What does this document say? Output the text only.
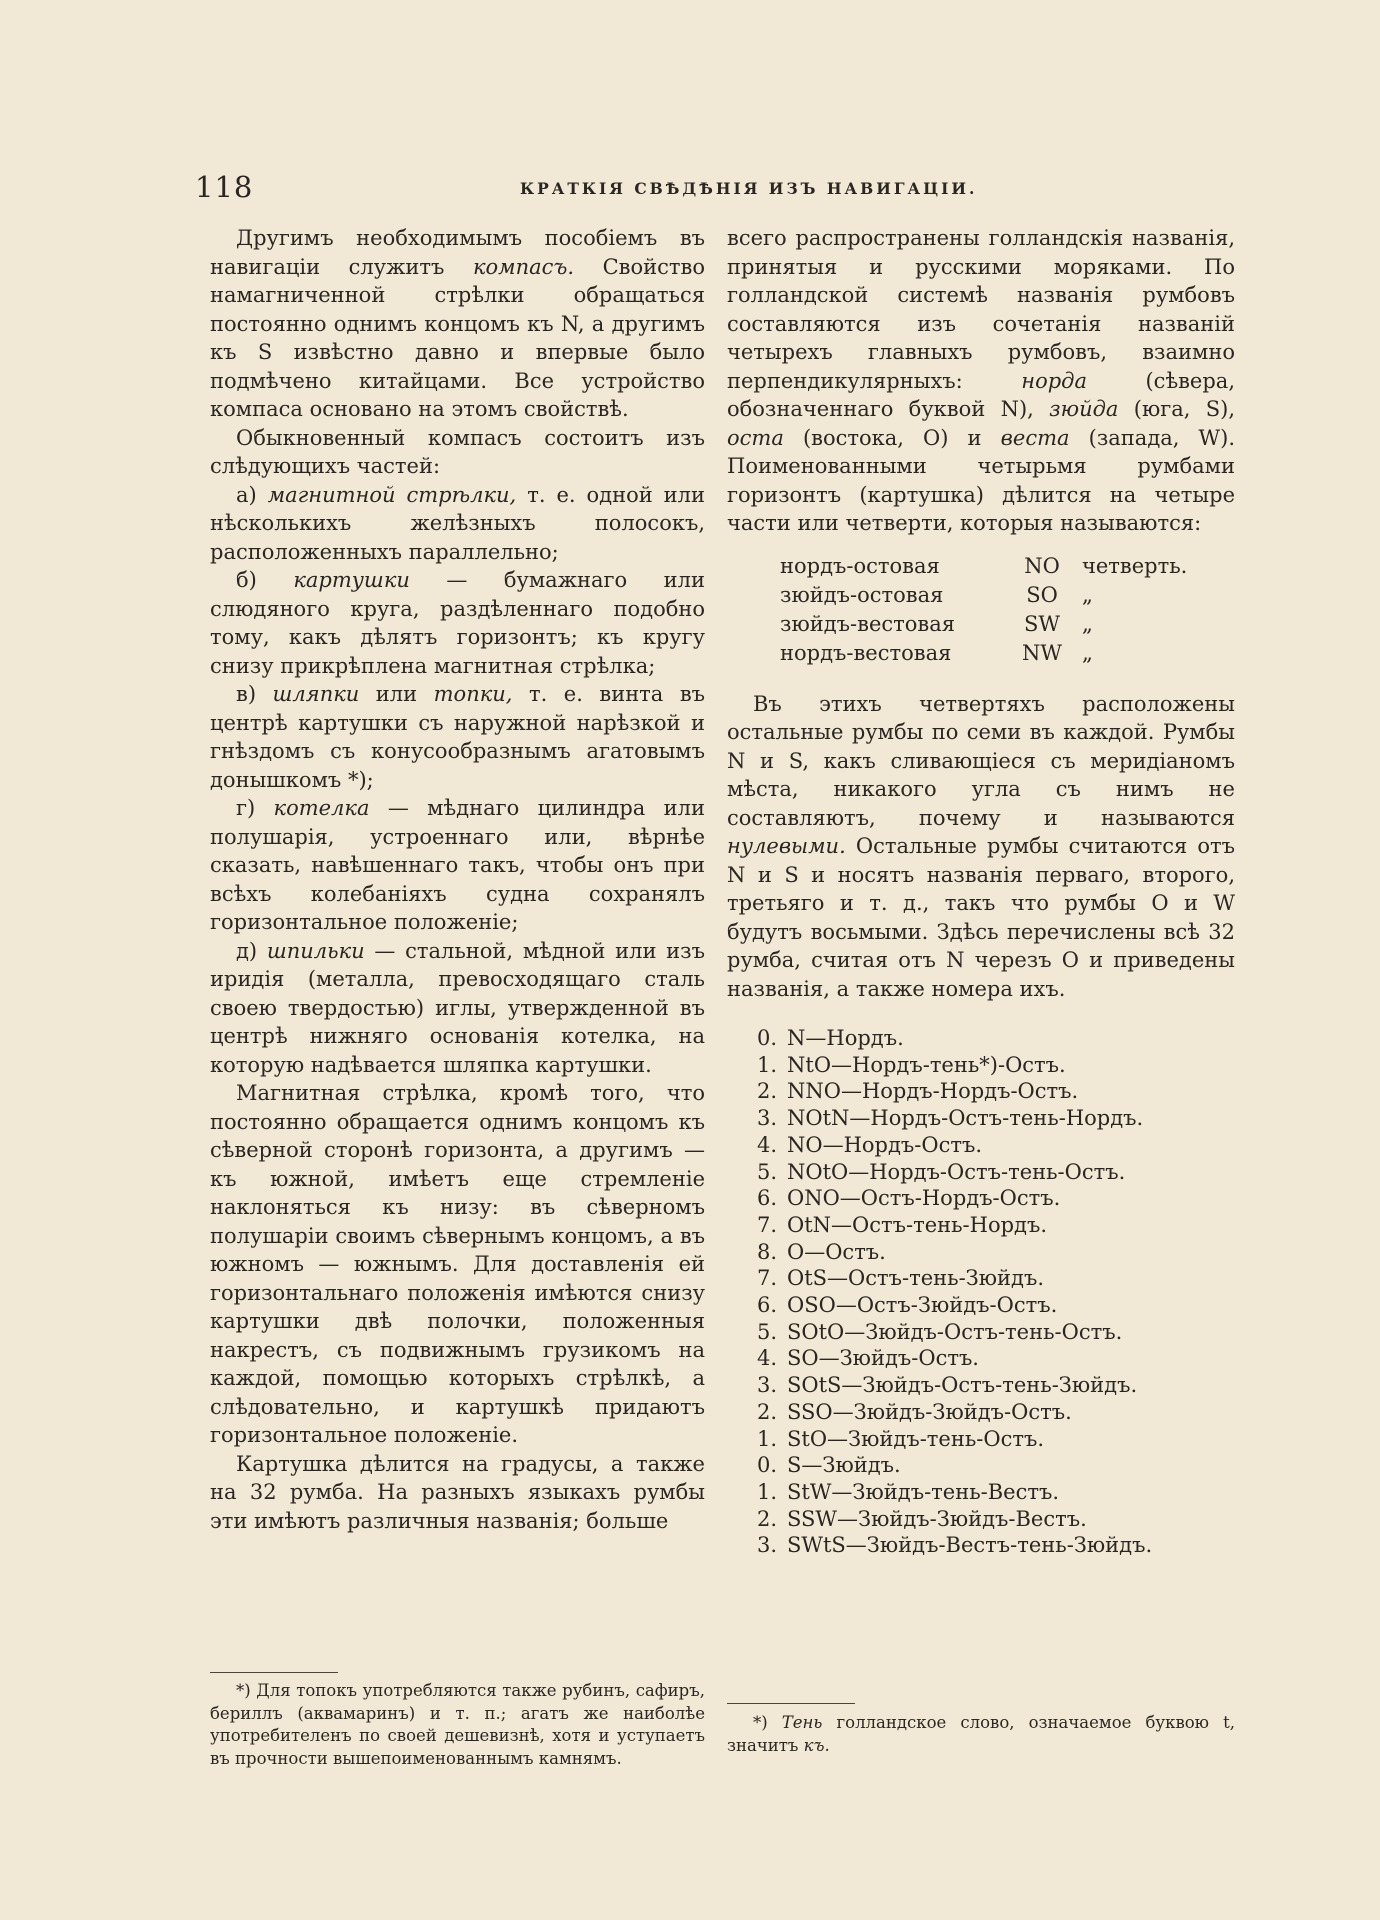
118	КРАТКІЯ СВѢДѢНІЯ ИЗЪ НАВИГАЦІИ.

Другимъ необходимымъ пособіемъ въ навигаціи служитъ компасъ. Свойство намагниченной стрѣлки обращаться постоянно однимъ концомъ къ N, а другимъ къ S извѣстно давно и впервые было подмѣчено китайцами. Все устройство компаса основано на этомъ свойствѣ.

Обыкновенный компасъ состоитъ изъ слѣдующихъ частей:

а) магнитной стрѣлки, т. е. одной или нѣсколькихъ желѣзныхъ полосокъ, расположенныхъ параллельно;

б) картушки — бумажнаго или слюдяного круга, раздѣленнаго подобно тому, какъ дѣлятъ горизонтъ; къ кругу снизу прикрѣплена магнитная стрѣлка;

в) шляпки или топки, т. е. винта въ центрѣ картушки съ наружной нарѣзкой и гнѣздомъ съ конусообразнымъ агатовымъ донышкомъ *);

г) котелка — мѣднаго цилиндра или полушарія, устроеннаго или, вѣрнѣе сказать, навѣшеннаго такъ, чтобы онъ при всѣхъ колебаніяхъ судна сохранялъ горизонтальное положеніе;

д) шпильки — стальной, мѣдной или изъ иридія (металла, превосходящаго сталь своею твердостью) иглы, утвержденной въ центрѣ нижняго основанія котелка, на которую надѣвается шляпка картушки.

Магнитная стрѣлка, кромѣ того, что постоянно обращается однимъ концомъ къ сѣверной сторонѣ горизонта, а другимъ — къ южной, имѣетъ еще стремленіе наклоняться къ низу: въ сѣверномъ полушаріи своимъ сѣвернымъ концомъ, а въ южномъ — южнымъ. Для доставленія ей горизонтальнаго положенія имѣются снизу картушки двѣ полочки, положенныя накрестъ, съ подвижнымъ грузикомъ на каждой, помощью которыхъ стрѣлкѣ, а слѣдовательно, и картушкѣ придаютъ горизонтальное положеніе.

Картушка дѣлится на градусы, а также на 32 румба. На разныхъ языкахъ румбы эти имѣютъ различныя названія; больше

*) Для топокъ употребляются также рубинъ, сафиръ, бериллъ (аквамаринъ) и т. п.; агатъ же наиболѣе употребителенъ по своей дешевизнѣ, хотя и уступаетъ въ прочности вышепоименованнымъ камнямъ.

всего распространены голландскія названія, принятыя и русскими моряками. По голландской системѣ названія румбовъ составляются изъ сочетанія названій четырехъ главныхъ румбовъ, взаимно перпендикулярныхъ: норда (сѣвера, обозначеннаго буквой N), зюйда (юга, S), оста (востока, O) и веста (запада, W). Поименованными четырьмя румбами горизонтъ (картушка) дѣлится на четыре части или четверти, которыя называются:

нордъ-остовая	NO	четверть.
зюйдъ-остовая	SO	„
зюйдъ-вестовая	SW	„
нордъ-вестовая	NW	„

Въ этихъ четвертяхъ расположены остальные румбы по семи въ каждой. Румбы N и S, какъ сливающіеся съ меридіаномъ мѣста, никакого угла съ нимъ не составляютъ, почему и называются нулевыми. Остальные румбы считаются отъ N и S и носятъ названія перваго, второго, третьяго и т. д., такъ что румбы O и W будутъ восьмыми. Здѣсь перечислены всѣ 32 румба, считая отъ N черезъ O и приведены названія, а также номера ихъ.

0. N—Нордъ.
1. NtO—Нордъ-тень*)-Остъ.
2. NNO—Нордъ-Нордъ-Остъ.
3. NOtN—Нордъ-Остъ-тень-Нордъ.
4. NO—Нордъ-Остъ.
5. NOtO—Нордъ-Остъ-тень-Остъ.
6. ONO—Остъ-Нордъ-Остъ.
7. OtN—Остъ-тень-Нордъ.
8. O—Остъ.
7. OtS—Остъ-тень-Зюйдъ.
6. OSO—Остъ-Зюйдъ-Остъ.
5. SOtO—Зюйдъ-Остъ-тень-Остъ.
4. SO—Зюйдъ-Остъ.
3. SOtS—Зюйдъ-Остъ-тень-Зюйдъ.
2. SSO—Зюйдъ-Зюйдъ-Остъ.
1. StO—Зюйдъ-тень-Остъ.
0. S—Зюйдъ.
1. StW—Зюйдъ-тень-Вестъ.
2. SSW—Зюйдъ-Зюйдъ-Вестъ.
3. SWtS—Зюйдъ-Вестъ-тень-Зюйдъ.

*) Тень голландское слово, означаемое буквою t, значитъ къ.
